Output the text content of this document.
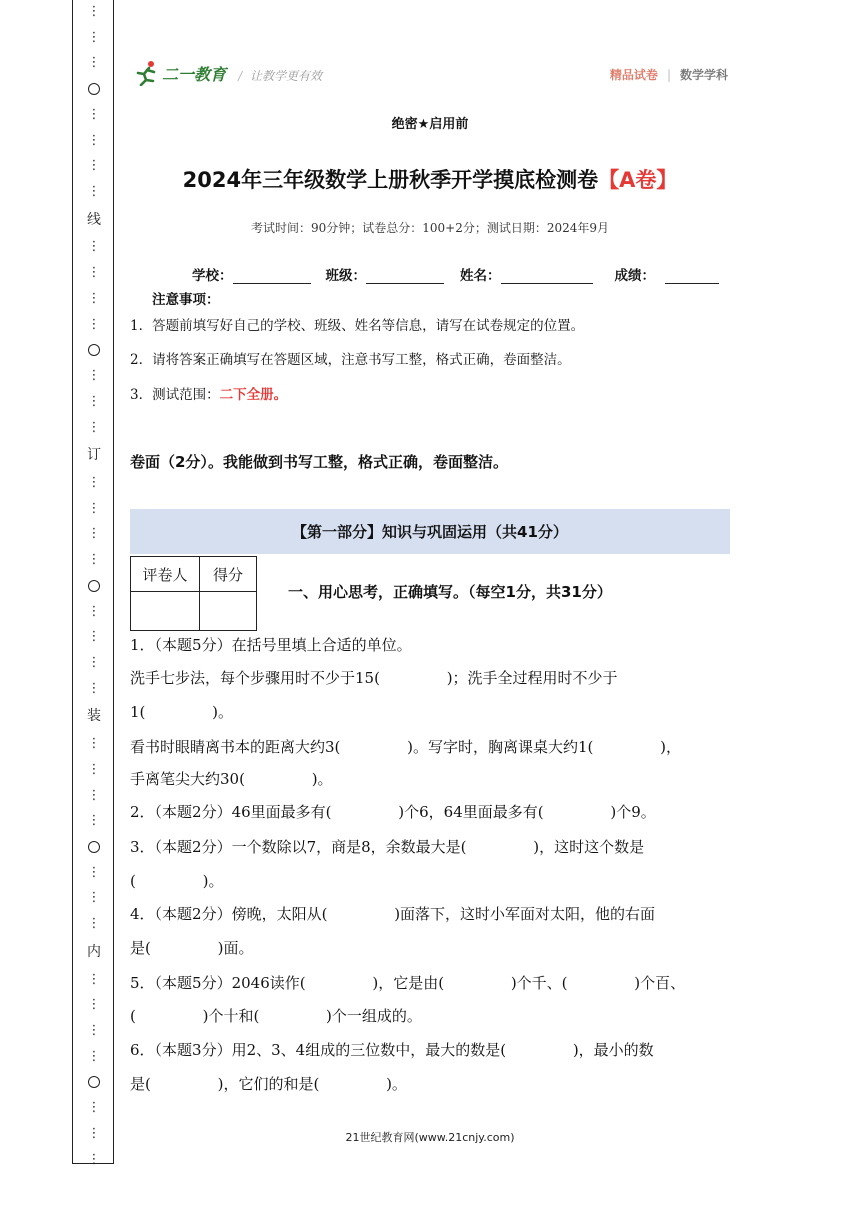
⋮
⋮
⋮
⋮
⋮
⋮
⋮
线
⋮
⋮
⋮
⋮
⋮
⋮
⋮
订
⋮
⋮
⋮
⋮
⋮
⋮
⋮
⋮
装
⋮
⋮
⋮
⋮
⋮
⋮
⋮
内
⋮
⋮
⋮
⋮
⋮
⋮
⋮
二一教育 / 让教学更有效	精品试卷 | 数学学科
绝密★启用前
2024年三年级数学上册秋季开学摸底检测卷【A卷】
考试时间：90分钟；试卷总分：100+2分；测试日期：2024年9月
学校：	班级：	姓名：	成绩：
注意事项：
1．答题前填写好自己的学校、班级、姓名等信息，请写在试卷规定的位置。
2．请将答案正确填写在答题区域，注意书写工整，格式正确，卷面整洁。
3．测试范围：二下全册。
卷面（2分）。我能做到书写工整，格式正确，卷面整洁。
【第一部分】知识与巩固运用（共41分）
评卷人	得分

一、用心思考，正确填写。（每空1分，共31分）
1．（本题5分）在括号里填上合适的单位。
洗手七步法，每个步骤用时不少于15(              )；洗手全过程用时不少于
1(              )。
看书时眼睛离书本的距离大约3(              )。写字时，胸离课桌大约1(              )，
手离笔尖大约30(              )。
2．（本题2分）46里面最多有(              )个6，64里面最多有(              )个9。
3．（本题2分）一个数除以7，商是8，余数最大是(              )，这时这个数是
(              )。
4．（本题2分）傍晚，太阳从(              )面落下，这时小军面对太阳，他的右面
是(              )面。
5．（本题5分）2046读作(              )，它是由(              )个千、(              )个百、
(              )个十和(              )个一组成的。
6．（本题3分）用2、3、4组成的三位数中，最大的数是(              )，最小的数
是(              )，它们的和是(              )。
21世纪教育网(www.21cnjy.com)
